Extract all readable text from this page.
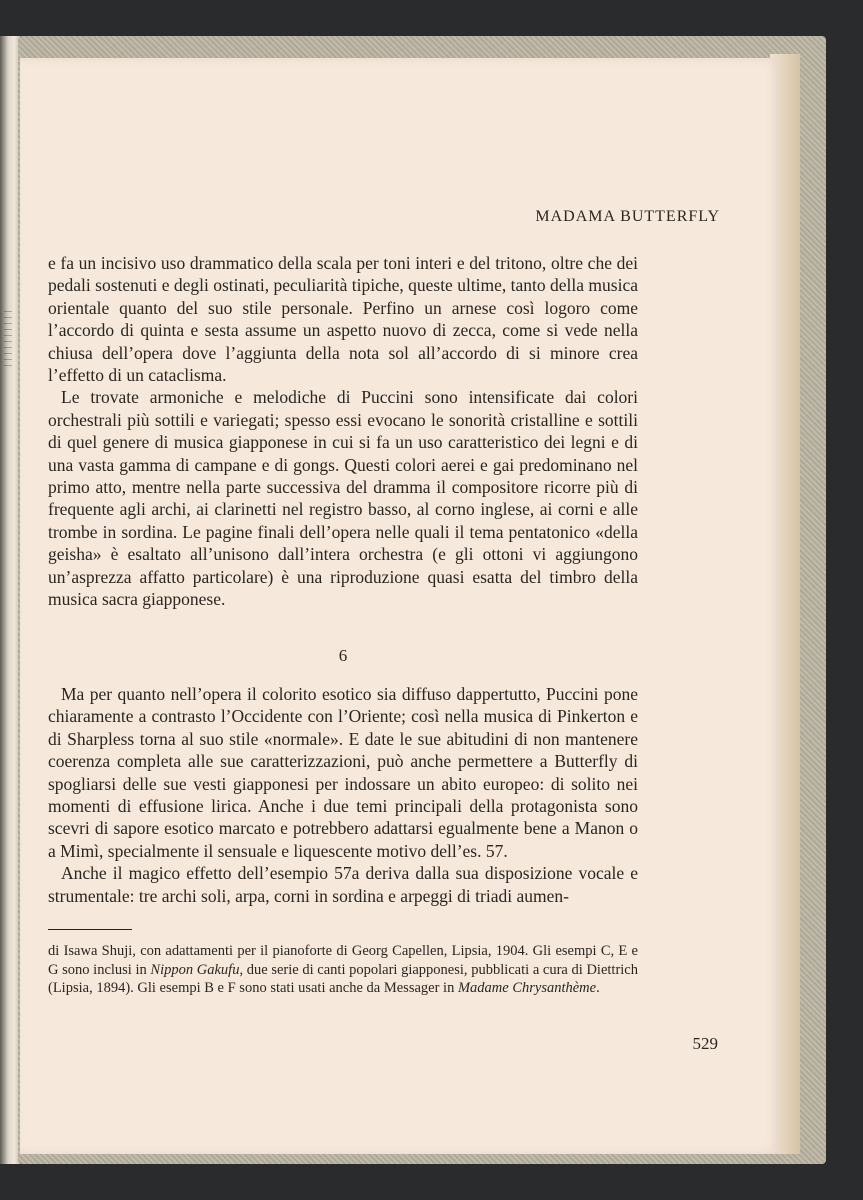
MADAMA BUTTERFLY

e fa un incisivo uso drammatico della scala per toni interi e del tritono, oltre che dei pedali sostenuti e degli ostinati, peculiarità tipiche, queste ultime, tanto della musica orientale quanto del suo stile personale. Perfino un arnese così logoro come l’accordo di quinta e sesta assume un aspetto nuovo di zecca, come si vede nella chiusa dell’opera dove l’aggiunta della nota sol all’accordo di si minore crea l’effetto di un cataclisma.

Le trovate armoniche e melodiche di Puccini sono intensificate dai colori orchestrali più sottili e variegati; spesso essi evocano le sonorità cristalline e sottili di quel genere di musica giapponese in cui si fa un uso caratteristico dei legni e di una vasta gamma di campane e di gongs. Questi colori aerei e gai predominano nel primo atto, mentre nella parte successiva del dramma il compositore ricorre più di frequente agli archi, ai clarinetti nel registro basso, al corno inglese, ai corni e alle trombe in sordina. Le pagine finali dell’opera nelle quali il tema pentatonico «della geisha» è esaltato all’unisono dall’intera orchestra (e gli ottoni vi aggiungono un’asprezza affatto particolare) è una riproduzione quasi esatta del timbro della musica sacra giapponese.

6

Ma per quanto nell’opera il colorito esotico sia diffuso dappertutto, Puccini pone chiaramente a contrasto l’Occidente con l’Oriente; così nella musica di Pinkerton e di Sharpless torna al suo stile «normale». E date le sue abitudini di non mantenere coerenza completa alle sue caratterizzazioni, può anche permettere a Butterfly di spogliarsi delle sue vesti giapponesi per indossare un abito europeo: di solito nei momenti di effusione lirica. Anche i due temi principali della protagonista sono scevri di sapore esotico marcato e potrebbero adattarsi egualmente bene a Manon o a Mimì, specialmente il sensuale e liquescente motivo dell’es. 57.

Anche il magico effetto dell’esempio 57a deriva dalla sua disposizione vocale e strumentale: tre archi soli, arpa, corni in sordina e arpeggi di triadi aumen-

di Isawa Shuji, con adattamenti per il pianoforte di Georg Capellen, Lipsia, 1904. Gli esempi C, E e G sono inclusi in Nippon Gakufu, due serie di canti popolari giapponesi, pubblicati a cura di Diettrich (Lipsia, 1894). Gli esempi B e F sono stati usati anche da Messager in Madame Chrysanthème.

529
